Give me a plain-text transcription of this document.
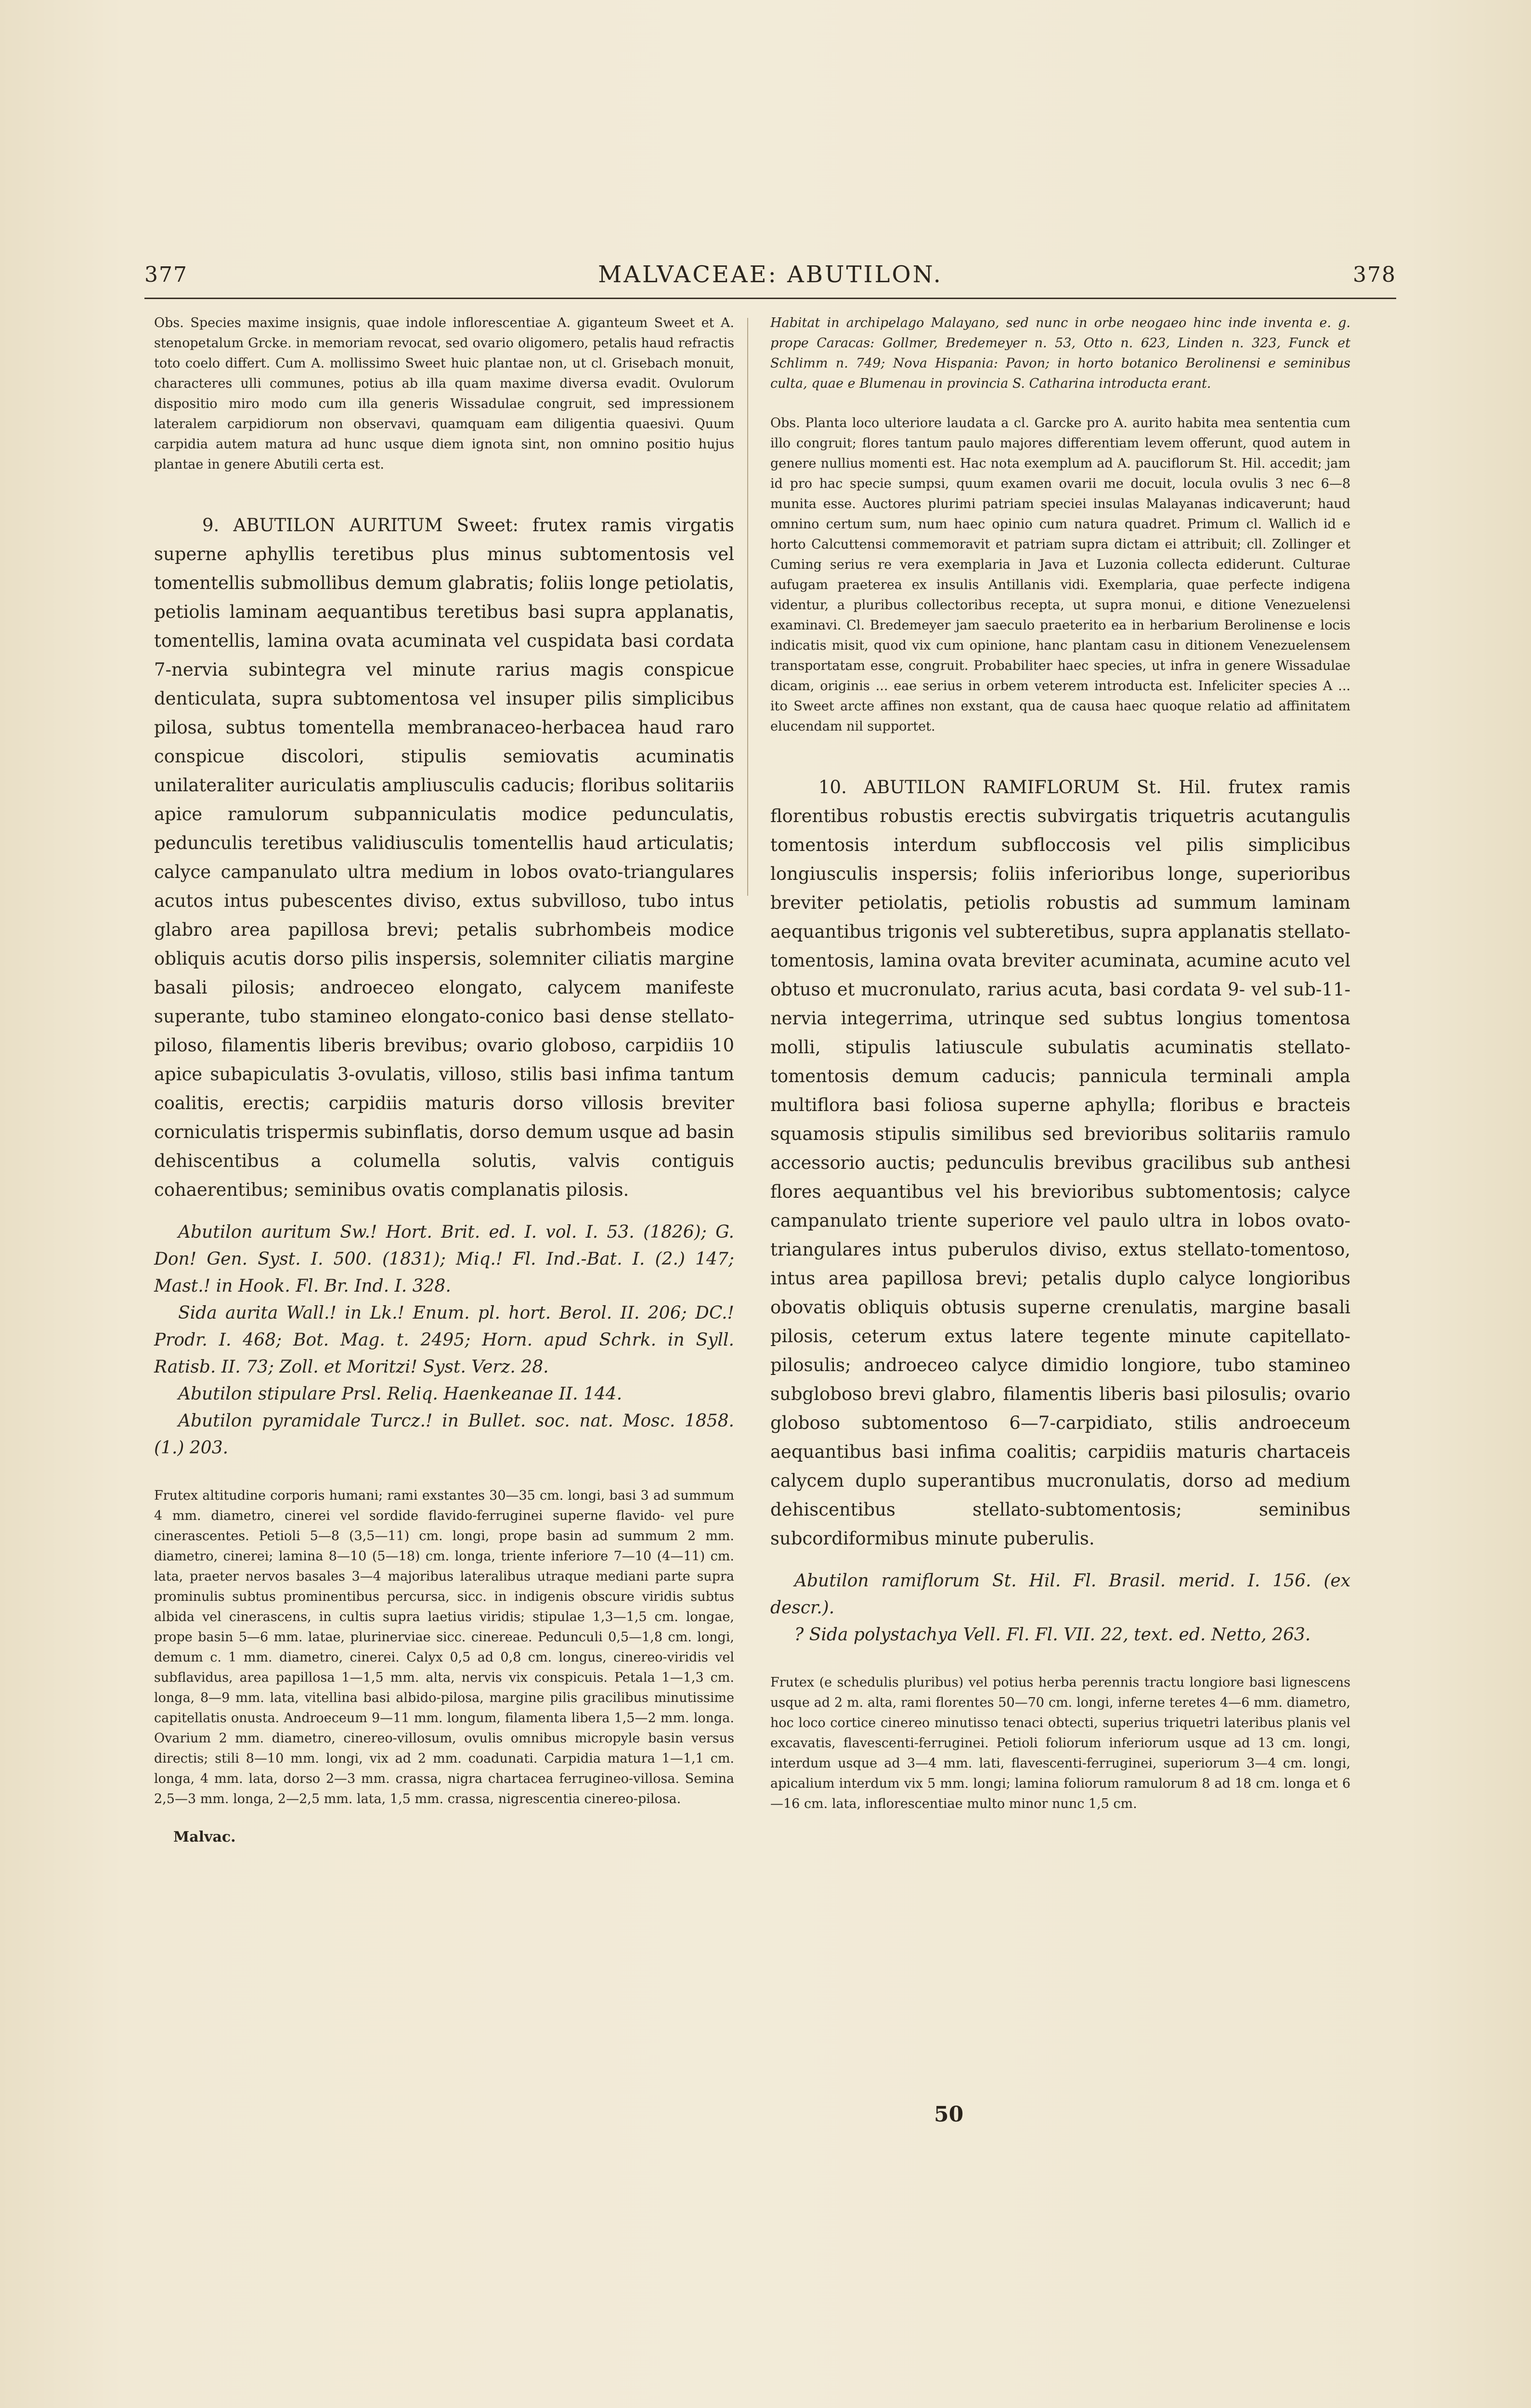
377	MALVACEAE: ABUTILON.	378

Obs. Species maxime insignis, quae indole inflorescentiae A. giganteum Sweet et A. stenopetalum Grcke. in memoriam revocat, sed ovario oligomero, petalis haud refractis toto coelo differt. Cum A. mollissimo Sweet huic plantae non, ut cl. Grisebach monuit, characteres ulli communes, potius ab illa quam maxime diversa evadit. Ovulorum dispositio miro modo cum illa generis Wissadulae congruit, sed impressionem lateralem carpidiorum non observavi, quamquam eam diligentia quaesivi. Quum carpidia autem matura ad hunc usque diem ignota sint, non omnino positio hujus plantae in genere Abutili certa est.

9. ABUTILON AURITUM Sweet: frutex ramis virgatis superne aphyllis teretibus plus minus subtomentosis vel tomentellis submollibus demum glabratis; foliis longe petiolatis, petiolis laminam aequantibus teretibus basi supra applanatis, tomentellis, lamina ovata acuminata vel cuspidata basi cordata 7-nervia subintegra vel minute rarius magis conspicue denticulata, supra subtomentosa vel insuper pilis simplicibus pilosa, subtus tomentella membranaceo-herbacea haud raro conspicue discolori, stipulis semiovatis acuminatis unilateraliter auriculatis ampliusculis caducis; floribus solitariis apice ramulorum subpanniculatis modice pedunculatis, pedunculis teretibus validiusculis tomentellis haud articulatis; calyce campanulato ultra medium in lobos ovato-triangulares acutos intus pubescentes diviso, extus subvilloso, tubo intus glabro area papillosa brevi; petalis subrhombeis modice obliquis acutis dorso pilis inspersis, solemniter ciliatis margine basali pilosis; androeceo elongato, calycem manifeste superante, tubo stamineo elongato-conico basi dense stellato-piloso, filamentis liberis brevibus; ovario globoso, carpidiis 10 apice subapiculatis 3-ovulatis, villoso, stilis basi infima tantum coalitis, erectis; carpidiis maturis dorso villosis breviter corniculatis trispermis subinflatis, dorso demum usque ad basin dehiscentibus a columella solutis, valvis contiguis cohaerentibus; seminibus ovatis complanatis pilosis.

Abutilon auritum Sw.! Hort. Brit. ed. I. vol. I. 53. (1826); G. Don! Gen. Syst. I. 500. (1831); Miq.! Fl. Ind.-Bat. I. (2.) 147; Mast.! in Hook. Fl. Br. Ind. I. 328.

Sida aurita Wall.! in Lk.! Enum. pl. hort. Berol. II. 206; DC.! Prodr. I. 468; Bot. Mag. t. 2495; Horn. apud Schrk. in Syll. Ratisb. II. 73; Zoll. et Moritzi! Syst. Verz. 28.

Abutilon stipulare Prsl. Reliq. Haenkeanae II. 144.

Abutilon pyramidale Turcz.! in Bullet. soc. nat. Mosc. 1858. (1.) 203.

Frutex altitudine corporis humani; rami exstantes 30—35 cm. longi, basi 3 ad summum 4 mm. diametro, cinerei vel sordide flavido-ferruginei superne flavido- vel pure cinerascentes. Petioli 5—8 (3,5—11) cm. longi, prope basin ad summum 2 mm. diametro, cinerei; lamina 8—10 (5—18) cm. longa, triente inferiore 7—10 (4—11) cm. lata, praeter nervos basales 3—4 majoribus lateralibus utraque mediani parte supra prominulis subtus prominentibus percursa, sicc. in indigenis obscure viridis subtus albida vel cinerascens, in cultis supra laetius viridis; stipulae 1,3—1,5 cm. longae, prope basin 5—6 mm. latae, plurinerviae sicc. cinereae. Pedunculi 0,5—1,8 cm. longi, demum c. 1 mm. diametro, cinerei. Calyx 0,5 ad 0,8 cm. longus, cinereo-viridis vel subflavidus, area papillosa 1—1,5 mm. alta, nervis vix conspicuis. Petala 1—1,3 cm. longa, 8—9 mm. lata, vitellina basi albido-pilosa, margine pilis gracilibus minutissime capitellatis onusta. Androeceum 9—11 mm. longum, filamenta libera 1,5—2 mm. longa. Ovarium 2 mm. diametro, cinereo-villosum, ovulis omnibus micropyle basin versus directis; stili 8—10 mm. longi, vix ad 2 mm. coadunati. Carpidia matura 1—1,1 cm. longa, 4 mm. lata, dorso 2—3 mm. crassa, nigra chartacea ferrugineo-villosa. Semina 2,5—3 mm. longa, 2—2,5 mm. lata, 1,5 mm. crassa, nigrescentia cinereo-pilosa.

Malvac.

Habitat in archipelago Malayano, sed nunc in orbe neogaeo hinc inde inventa e. g. prope Caracas: Gollmer, Bredemeyer n. 53, Otto n. 623, Linden n. 323, Funck et Schlimm n. 749; Nova Hispania: Pavon; in horto botanico Berolinensi e seminibus culta, quae e Blumenau in provincia S. Catharina introducta erant.

Obs. Planta loco ulteriore laudata a cl. Garcke pro A. aurito habita mea sententia cum illo congruit; flores tantum paulo majores differentiam levem offerunt, quod autem in genere nullius momenti est. Hac nota exemplum ad A. pauciflorum St. Hil. accedit; jam id pro hac specie sumpsi, quum examen ovarii me docuit, locula ovulis 3 nec 6—8 munita esse. Auctores plurimi patriam speciei insulas Malayanas indicaverunt; haud omnino certum sum, num haec opinio cum natura quadret. Primum cl. Wallich id e horto Calcuttensi commemoravit et patriam supra dictam ei attribuit; cll. Zollinger et Cuming serius re vera exemplaria in Java et Luzonia collecta ediderunt. Culturae aufugam praeterea ex insulis Antillanis vidi. Exemplaria, quae perfecte indigena videntur, a pluribus collectoribus recepta, ut supra monui, e ditione Venezuelensi examinavi. Cl. Bredemeyer jam saeculo praeterito ea in herbarium Berolinense e locis indicatis misit, quod vix cum opinione, hanc plantam casu in ditionem Venezuelensem transportatam esse, congruit. Probabiliter haec species, ut infra in genere Wissadulae dicam, originis ... eae serius in orbem veterem introducta est. Infeliciter species A ... ito Sweet arcte affines non exstant, qua de causa haec quoque relatio ad affinitatem elucendam nil supportet.

10. ABUTILON RAMIFLORUM St. Hil. frutex ramis florentibus robustis erectis subvirgatis triquetris acutangulis tomentosis interdum subfloccosis vel pilis simplicibus longiusculis inspersis; foliis inferioribus longe, superioribus breviter petiolatis, petiolis robustis ad summum laminam aequantibus trigonis vel subteretibus, supra applanatis stellato-tomentosis, lamina ovata breviter acuminata, acumine acuto vel obtuso et mucronulato, rarius acuta, basi cordata 9- vel sub-11-nervia integerrima, utrinque sed subtus longius tomentosa molli, stipulis latiuscule subulatis acuminatis stellato-tomentosis demum caducis; pannicula terminali ampla multiflora basi foliosa superne aphylla; floribus e bracteis squamosis stipulis similibus sed brevioribus solitariis ramulo accessorio auctis; pedunculis brevibus gracilibus sub anthesi flores aequantibus vel his brevioribus subtomentosis; calyce campanulato triente superiore vel paulo ultra in lobos ovato-triangulares intus puberulos diviso, extus stellato-tomentoso, intus area papillosa brevi; petalis duplo calyce longioribus obovatis obliquis obtusis superne crenulatis, margine basali pilosis, ceterum extus latere tegente minute capitellato-pilosulis; androeceo calyce dimidio longiore, tubo stamineo subgloboso brevi glabro, filamentis liberis basi pilosulis; ovario globoso subtomentoso 6—7-carpidiato, stilis androeceum aequantibus basi infima coalitis; carpidiis maturis chartaceis calycem duplo superantibus mucronulatis, dorso ad medium dehiscentibus stellato-subtomentosis; seminibus subcordiformibus minute puberulis.

Abutilon ramiflorum St. Hil. Fl. Brasil. merid. I. 156. (ex descr.).

? Sida polystachya Vell. Fl. Fl. VII. 22, text. ed. Netto, 263.

Frutex (e schedulis pluribus) vel potius herba perennis tractu longiore basi lignescens usque ad 2 m. alta, rami florentes 50—70 cm. longi, inferne teretes 4—6 mm. diametro, hoc loco cortice cinereo minutisso tenaci obtecti, superius triquetri lateribus planis vel excavatis, flavescenti-ferruginei. Petioli foliorum inferiorum usque ad 13 cm. longi, interdum usque ad 3—4 mm. lati, flavescenti-ferruginei, superiorum 3—4 cm. longi, apicalium interdum vix 5 mm. longi; lamina foliorum ramulorum 8 ad 18 cm. longa et 6—16 cm. lata, inflorescentiae multo minor nunc 1,5 cm.

50
